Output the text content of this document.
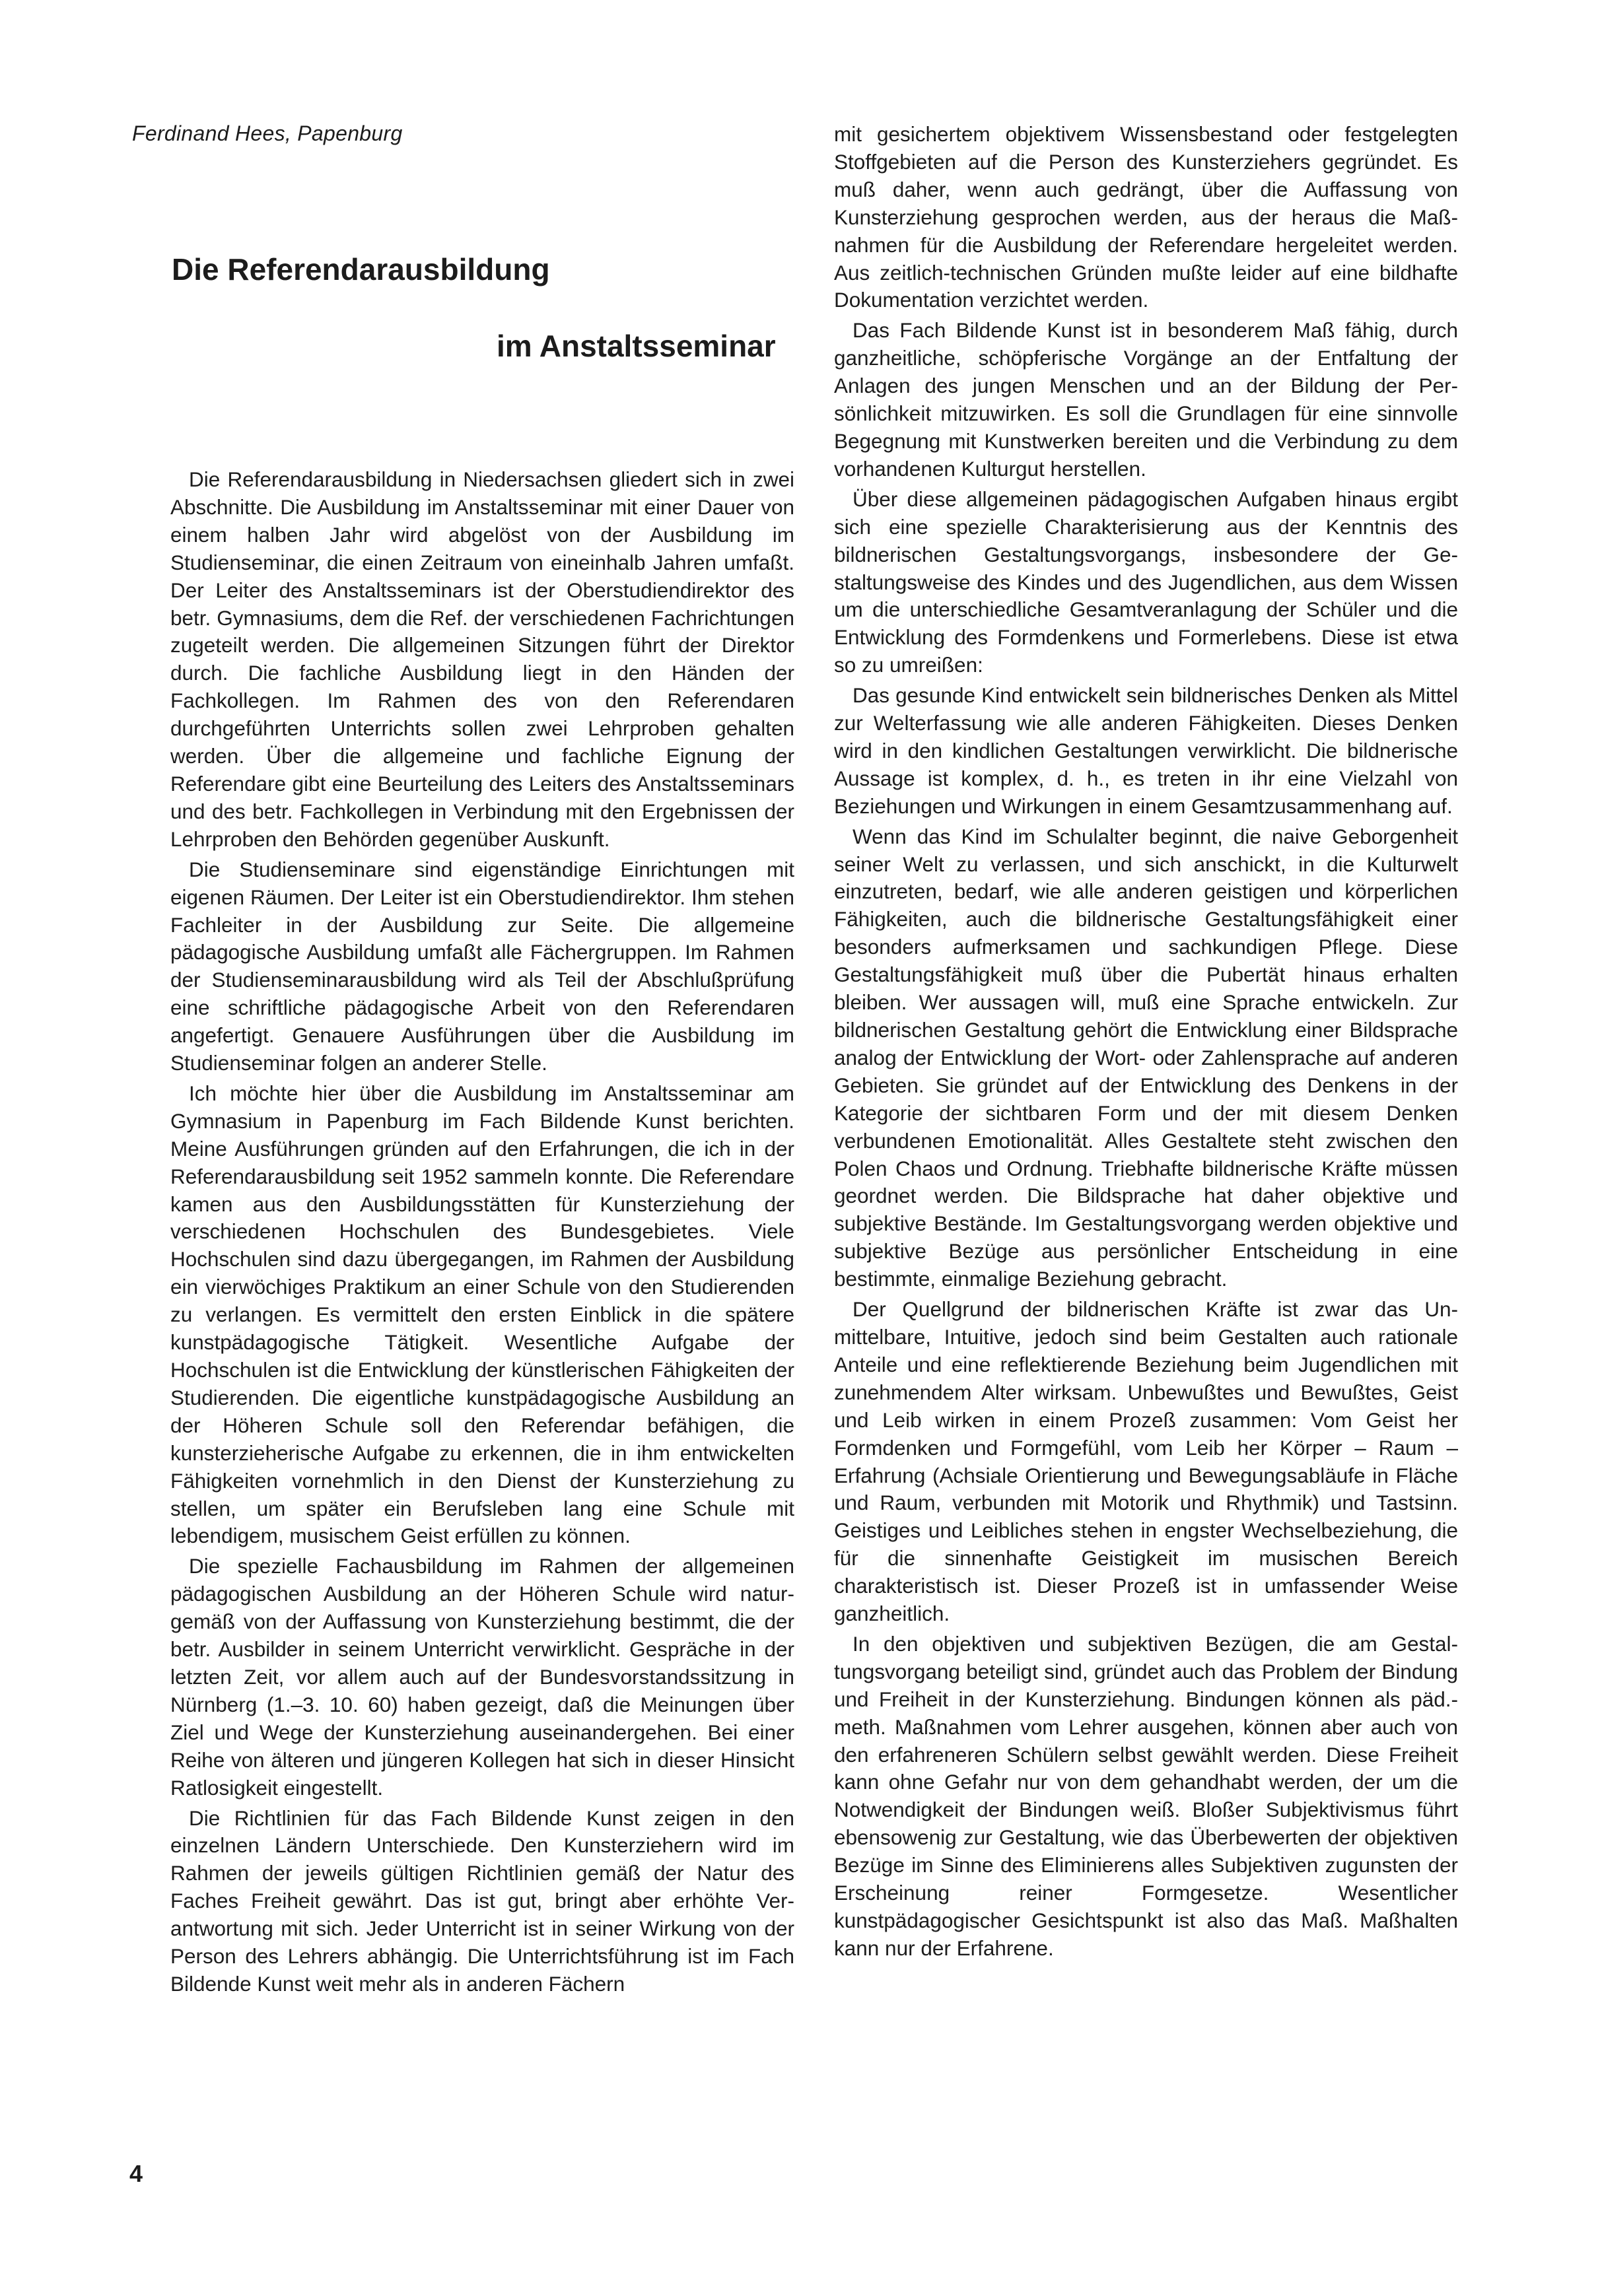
Ferdinand Hees, Papenburg
Die Referendarausbildung
im Anstaltsseminar

Die Referendarausbildung in Niedersachsen gliedert sich in zwei Abschnitte. Die Ausbildung im Anstaltsseminar mit einer Dauer von einem halben Jahr wird abgelöst von der Ausbildung im Studienseminar, die einen Zeitraum von eineinhalb Jahren umfaßt. Der Leiter des Anstaltsseminars ist der Oberstudiendirektor des betr. Gymnasiums, dem die Ref. der verschiedenen Fachrichtungen zugeteilt werden. Die allgemeinen Sitzungen führt der Direktor durch. Die fachliche Ausbildung liegt in den Händen der Fachkollegen. Im Rahmen des von den Referendaren durchgeführten Unterrichts sollen zwei Lehrproben gehalten werden. Über die allgemeine und fachliche Eignung der Referendare gibt eine Beurteilung des Leiters des Anstaltsseminars und des betr. Fachkollegen in Verbindung mit den Ergebnissen der Lehrproben den Behörden gegenüber Auskunft.

Die Studienseminare sind eigenständige Einrichtungen mit eigenen Räumen. Der Leiter ist ein Oberstudiendirektor. Ihm stehen Fachleiter in der Ausbildung zur Seite. Die allgemeine pädagogische Ausbildung umfaßt alle Fächergruppen. Im Rahmen der Studienseminarausbildung wird als Teil der Abschlußprüfung eine schriftliche pädagogische Arbeit von den Referendaren angefertigt. Genauere Ausführungen über die Ausbildung im Studienseminar folgen an anderer Stelle.

Ich möchte hier über die Ausbildung im Anstaltsseminar am Gymnasium in Papenburg im Fach Bildende Kunst berichten. Meine Ausführungen gründen auf den Erfahrungen, die ich in der Referendarausbildung seit 1952 sammeln konnte. Die Referendare kamen aus den Ausbildungsstätten für Kunsterziehung der verschiedenen Hochschulen des Bundesgebietes. Viele Hochschulen sind dazu übergegangen, im Rahmen der Ausbildung ein vierwöchiges Praktikum an einer Schule von den Studierenden zu verlangen. Es vermittelt den ersten Einblick in die spätere kunstpädagogische Tätigkeit. Wesentliche Aufgabe der Hochschulen ist die Entwicklung der künstlerischen Fähigkeiten der Studierenden. Die eigentliche kunstpädagogische Ausbildung an der Höheren Schule soll den Referendar befähigen, die kunsterzieherische Aufgabe zu erkennen, die in ihm entwickelten Fähigkeiten vornehmlich in den Dienst der Kunsterziehung zu stellen, um später ein Berufsleben lang eine Schule mit lebendigem, musischem Geist erfüllen zu können.

Die spezielle Fachausbildung im Rahmen der allgemeinen pädagogischen Ausbildung an der Höheren Schule wird naturgemäß von der Auffassung von Kunsterziehung bestimmt, die der betr. Ausbilder in seinem Unterricht verwirklicht. Gespräche in der letzten Zeit, vor allem auch auf der Bundesvorstandssitzung in Nürnberg (1.–3. 10. 60) haben gezeigt, daß die Meinungen über Ziel und Wege der Kunsterziehung auseinandergehen. Bei einer Reihe von älteren und jüngeren Kollegen hat sich in dieser Hinsicht Ratlosigkeit eingestellt.

Die Richtlinien für das Fach Bildende Kunst zeigen in den einzelnen Ländern Unterschiede. Den Kunsterziehern wird im Rahmen der jeweils gültigen Richtlinien gemäß der Natur des Faches Freiheit gewährt. Das ist gut, bringt aber erhöhte Verantwortung mit sich. Jeder Unterricht ist in seiner Wirkung von der Person des Lehrers abhängig. Die Unterrichtsführung ist im Fach Bildende Kunst weit mehr als in anderen Fächern

mit gesichertem objektivem Wissensbestand oder festgelegten Stoffgebieten auf die Person des Kunsterziehers gegründet. Es muß daher, wenn auch gedrängt, über die Auffassung von Kunsterziehung gesprochen werden, aus der heraus die Maßnahmen für die Ausbildung der Referendare hergeleitet werden. Aus zeitlich-technischen Gründen mußte leider auf eine bildhafte Dokumentation verzichtet werden.

Das Fach Bildende Kunst ist in besonderem Maß fähig, durch ganzheitliche, schöpferische Vorgänge an der Entfaltung der Anlagen des jungen Menschen und an der Bildung der Persönlichkeit mitzuwirken. Es soll die Grundlagen für eine sinnvolle Begegnung mit Kunstwerken bereiten und die Verbindung zu dem vorhandenen Kulturgut herstellen.

Über diese allgemeinen pädagogischen Aufgaben hinaus ergibt sich eine spezielle Charakterisierung aus der Kenntnis des bildnerischen Gestaltungsvorgangs, insbesondere der Gestaltungsweise des Kindes und des Jugendlichen, aus dem Wissen um die unterschiedliche Gesamtveranlagung der Schüler und die Entwicklung des Formdenkens und Formerlebens. Diese ist etwa so zu umreißen:

Das gesunde Kind entwickelt sein bildnerisches Denken als Mittel zur Welterfassung wie alle anderen Fähigkeiten. Dieses Denken wird in den kindlichen Gestaltungen verwirklicht. Die bildnerische Aussage ist komplex, d. h., es treten in ihr eine Vielzahl von Beziehungen und Wirkungen in einem Gesamtzusammenhang auf.

Wenn das Kind im Schulalter beginnt, die naive Geborgenheit seiner Welt zu verlassen, und sich anschickt, in die Kulturwelt einzutreten, bedarf, wie alle anderen geistigen und körperlichen Fähigkeiten, auch die bildnerische Gestaltungsfähigkeit einer besonders aufmerksamen und sachkundigen Pflege. Diese Gestaltungsfähigkeit muß über die Pubertät hinaus erhalten bleiben. Wer aussagen will, muß eine Sprache entwickeln. Zur bildnerischen Gestaltung gehört die Entwicklung einer Bildsprache analog der Entwicklung der Wort- oder Zahlensprache auf anderen Gebieten. Sie gründet auf der Entwicklung des Denkens in der Kategorie der sichtbaren Form und der mit diesem Denken verbundenen Emotionalität. Alles Gestaltete steht zwischen den Polen Chaos und Ordnung. Triebhafte bildnerische Kräfte müssen geordnet werden. Die Bildsprache hat daher objektive und subjektive Bestände. Im Gestaltungsvorgang werden objektive und subjektive Bezüge aus persönlicher Entscheidung in eine bestimmte, einmalige Beziehung gebracht.

Der Quellgrund der bildnerischen Kräfte ist zwar das Unmittelbare, Intuitive, jedoch sind beim Gestalten auch rationale Anteile und eine reflektierende Beziehung beim Jugendlichen mit zunehmendem Alter wirksam. Unbewußtes und Bewußtes, Geist und Leib wirken in einem Prozeß zusammen: Vom Geist her Formdenken und Formgefühl, vom Leib her Körper – Raum – Erfahrung (Achsiale Orientierung und Bewegungsabläufe in Fläche und Raum, verbunden mit Motorik und Rhythmik) und Tastsinn. Geistiges und Leibliches stehen in engster Wechselbeziehung, die für die sinnenhafte Geistigkeit im musischen Bereich charakteristisch ist. Dieser Prozeß ist in umfassender Weise ganzheitlich.

In den objektiven und subjektiven Bezügen, die am Gestaltungsvorgang beteiligt sind, gründet auch das Problem der Bindung und Freiheit in der Kunsterziehung. Bindungen können als päd.-meth. Maßnahmen vom Lehrer ausgehen, können aber auch von den erfahreneren Schülern selbst gewählt werden. Diese Freiheit kann ohne Gefahr nur von dem gehandhabt werden, der um die Notwendigkeit der Bindungen weiß. Bloßer Subjektivismus führt ebensowenig zur Gestaltung, wie das Überbewerten der objektiven Bezüge im Sinne des Eliminierens alles Subjektiven zugunsten der Erscheinung reiner Formgesetze. Wesentlicher kunstpädagogischer Gesichtspunkt ist also das Maß. Maßhalten kann nur der Erfahrene.

4
